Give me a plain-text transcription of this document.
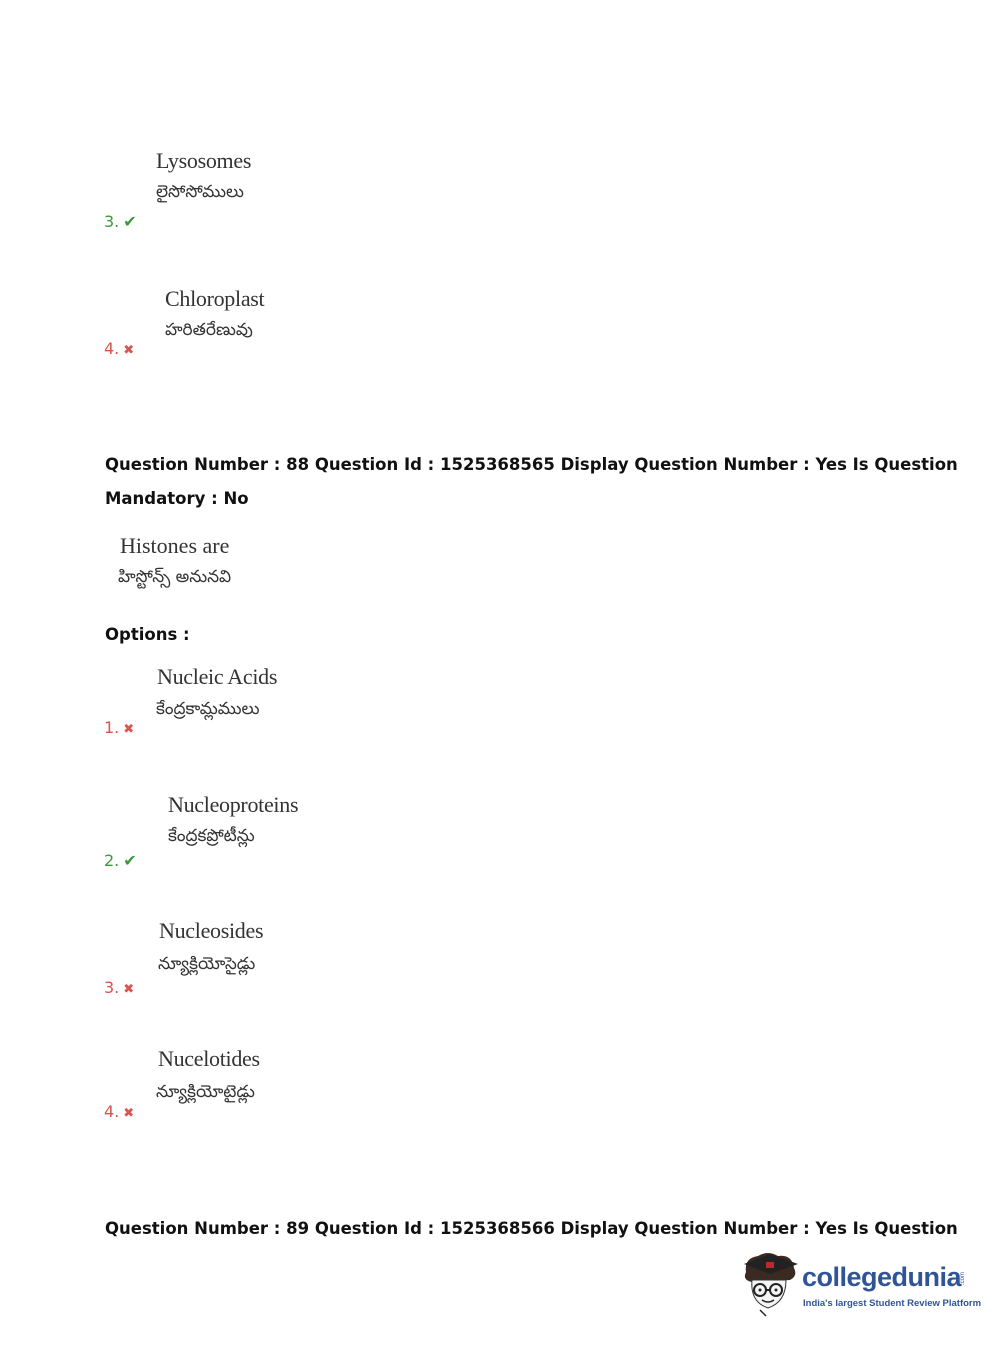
Lysosomes
లైసోసోములు
3. ✔
Chloroplast
హరితరేణువు
4. ✖
Question Number : 88 Question Id : 1525368565 Display Question Number : Yes Is Question
Mandatory : No
Histones are
హిస్టోన్స్ అనునవి
Options :
Nucleic Acids
కేంద్రకామ్లములు
1. ✖
Nucleoproteins
కేంద్రకప్రోటీన్లు
2. ✔
Nucleosides
న్యూక్లియోసైడ్లు
3. ✖
Nucelotides
న్యూక్లియోటైడ్లు
4. ✖
Question Number : 89 Question Id : 1525368566 Display Question Number : Yes Is Question
collegedunia
.com
India's largest Student Review Platform
